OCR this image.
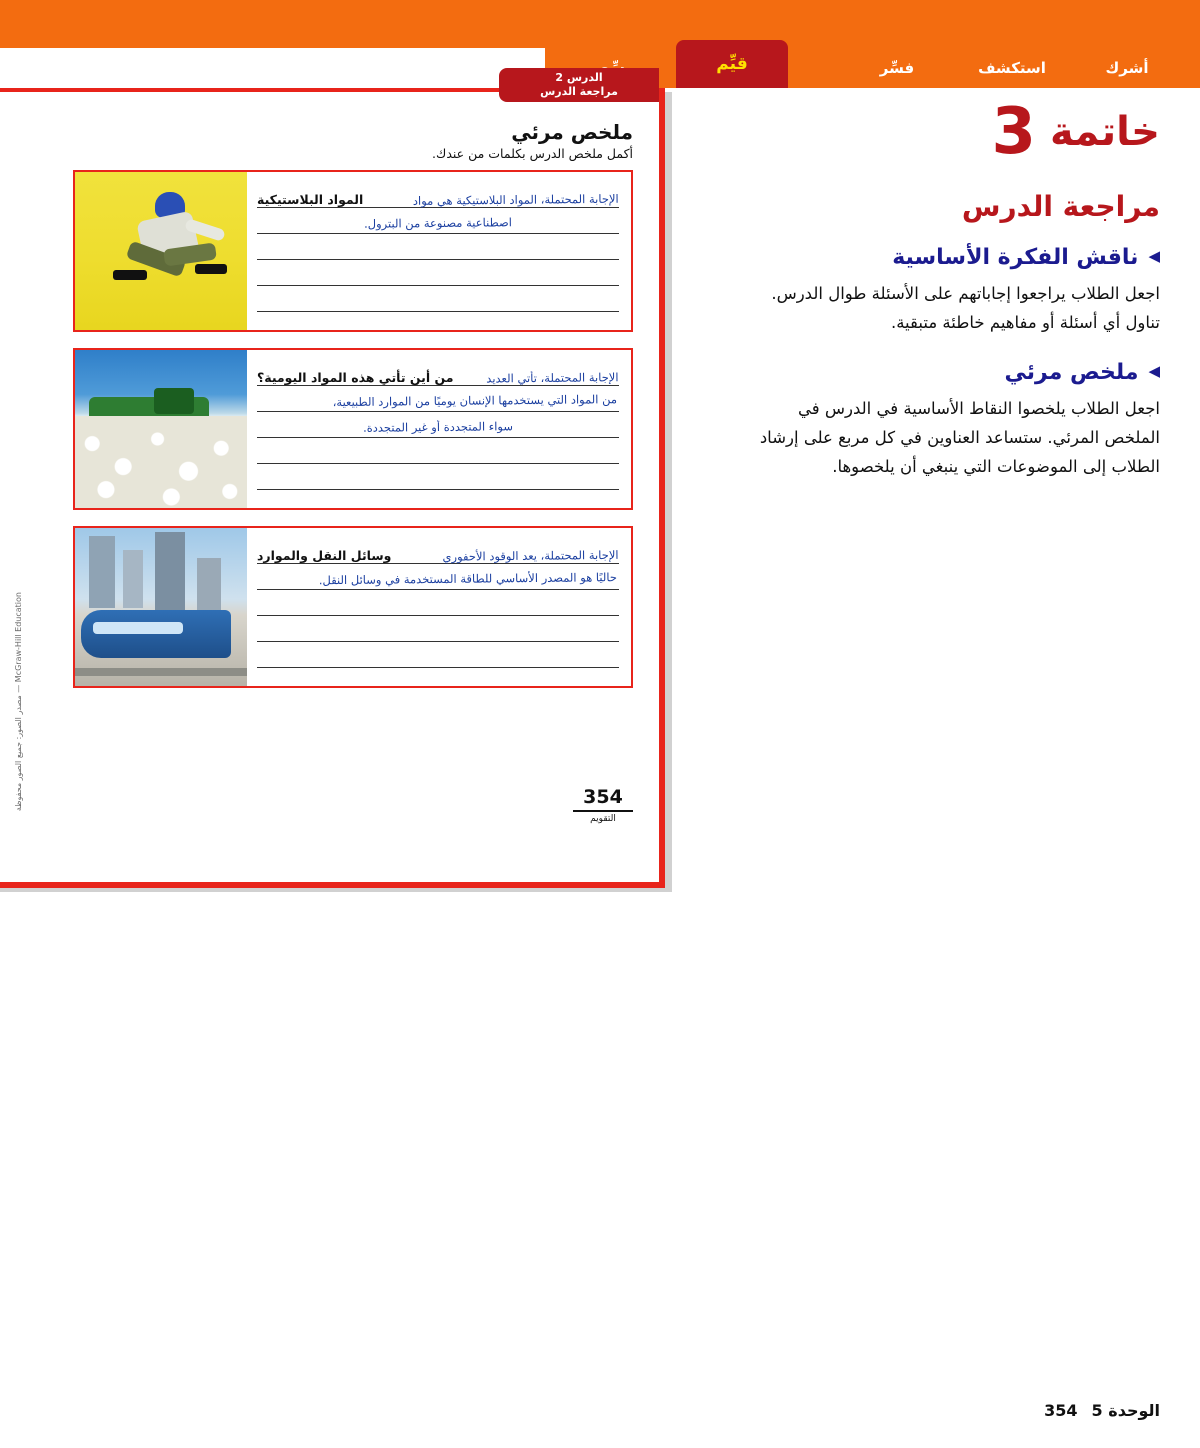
أشرك
استكشف
فسِّر
قيِّم
خاتمة
3
مراجعة الدرس
◀
ناقش الفكرة الأساسية
اجعل الطلاب يراجعوا إجاباتهم على الأسئلة طوال الدرس. تناول أي أسئلة أو مفاهيم خاطئة متبقية.
◀
ملخص مرئي
اجعل الطلاب يلخصوا النقاط الأساسية في الدرس في الملخص المرئي. ستساعد العناوين في كل مربع على إرشاد الطلاب إلى الموضوعات التي ينبغي أن يلخصوها.
الدرس 2
مراجعة الدرس
ملخص مرئي
أكمل ملخص الدرس بكلمات من عندك.
الإجابة المحتملة، المواد البلاستيكية هي مواد
المواد البلاستيكية
اصطناعية مصنوعة من البترول.
الإجابة المحتملة، تأتي العديد
من أين تأتي هذه المواد اليومية؟
من المواد التي يستخدمها الإنسان يوميًا من الموارد الطبيعية،
سواء المتجددة أو غير المتجددة.
الإجابة المحتملة، يعد الوقود الأحفوري
وسائل النقل والموارد
حاليًا هو المصدر الأساسي للطاقة المستخدمة في وسائل النقل.
354
التقويم
McGraw-Hill Education — مصدر الصور: جميع الصور محفوظة
الوحدة 5
354
